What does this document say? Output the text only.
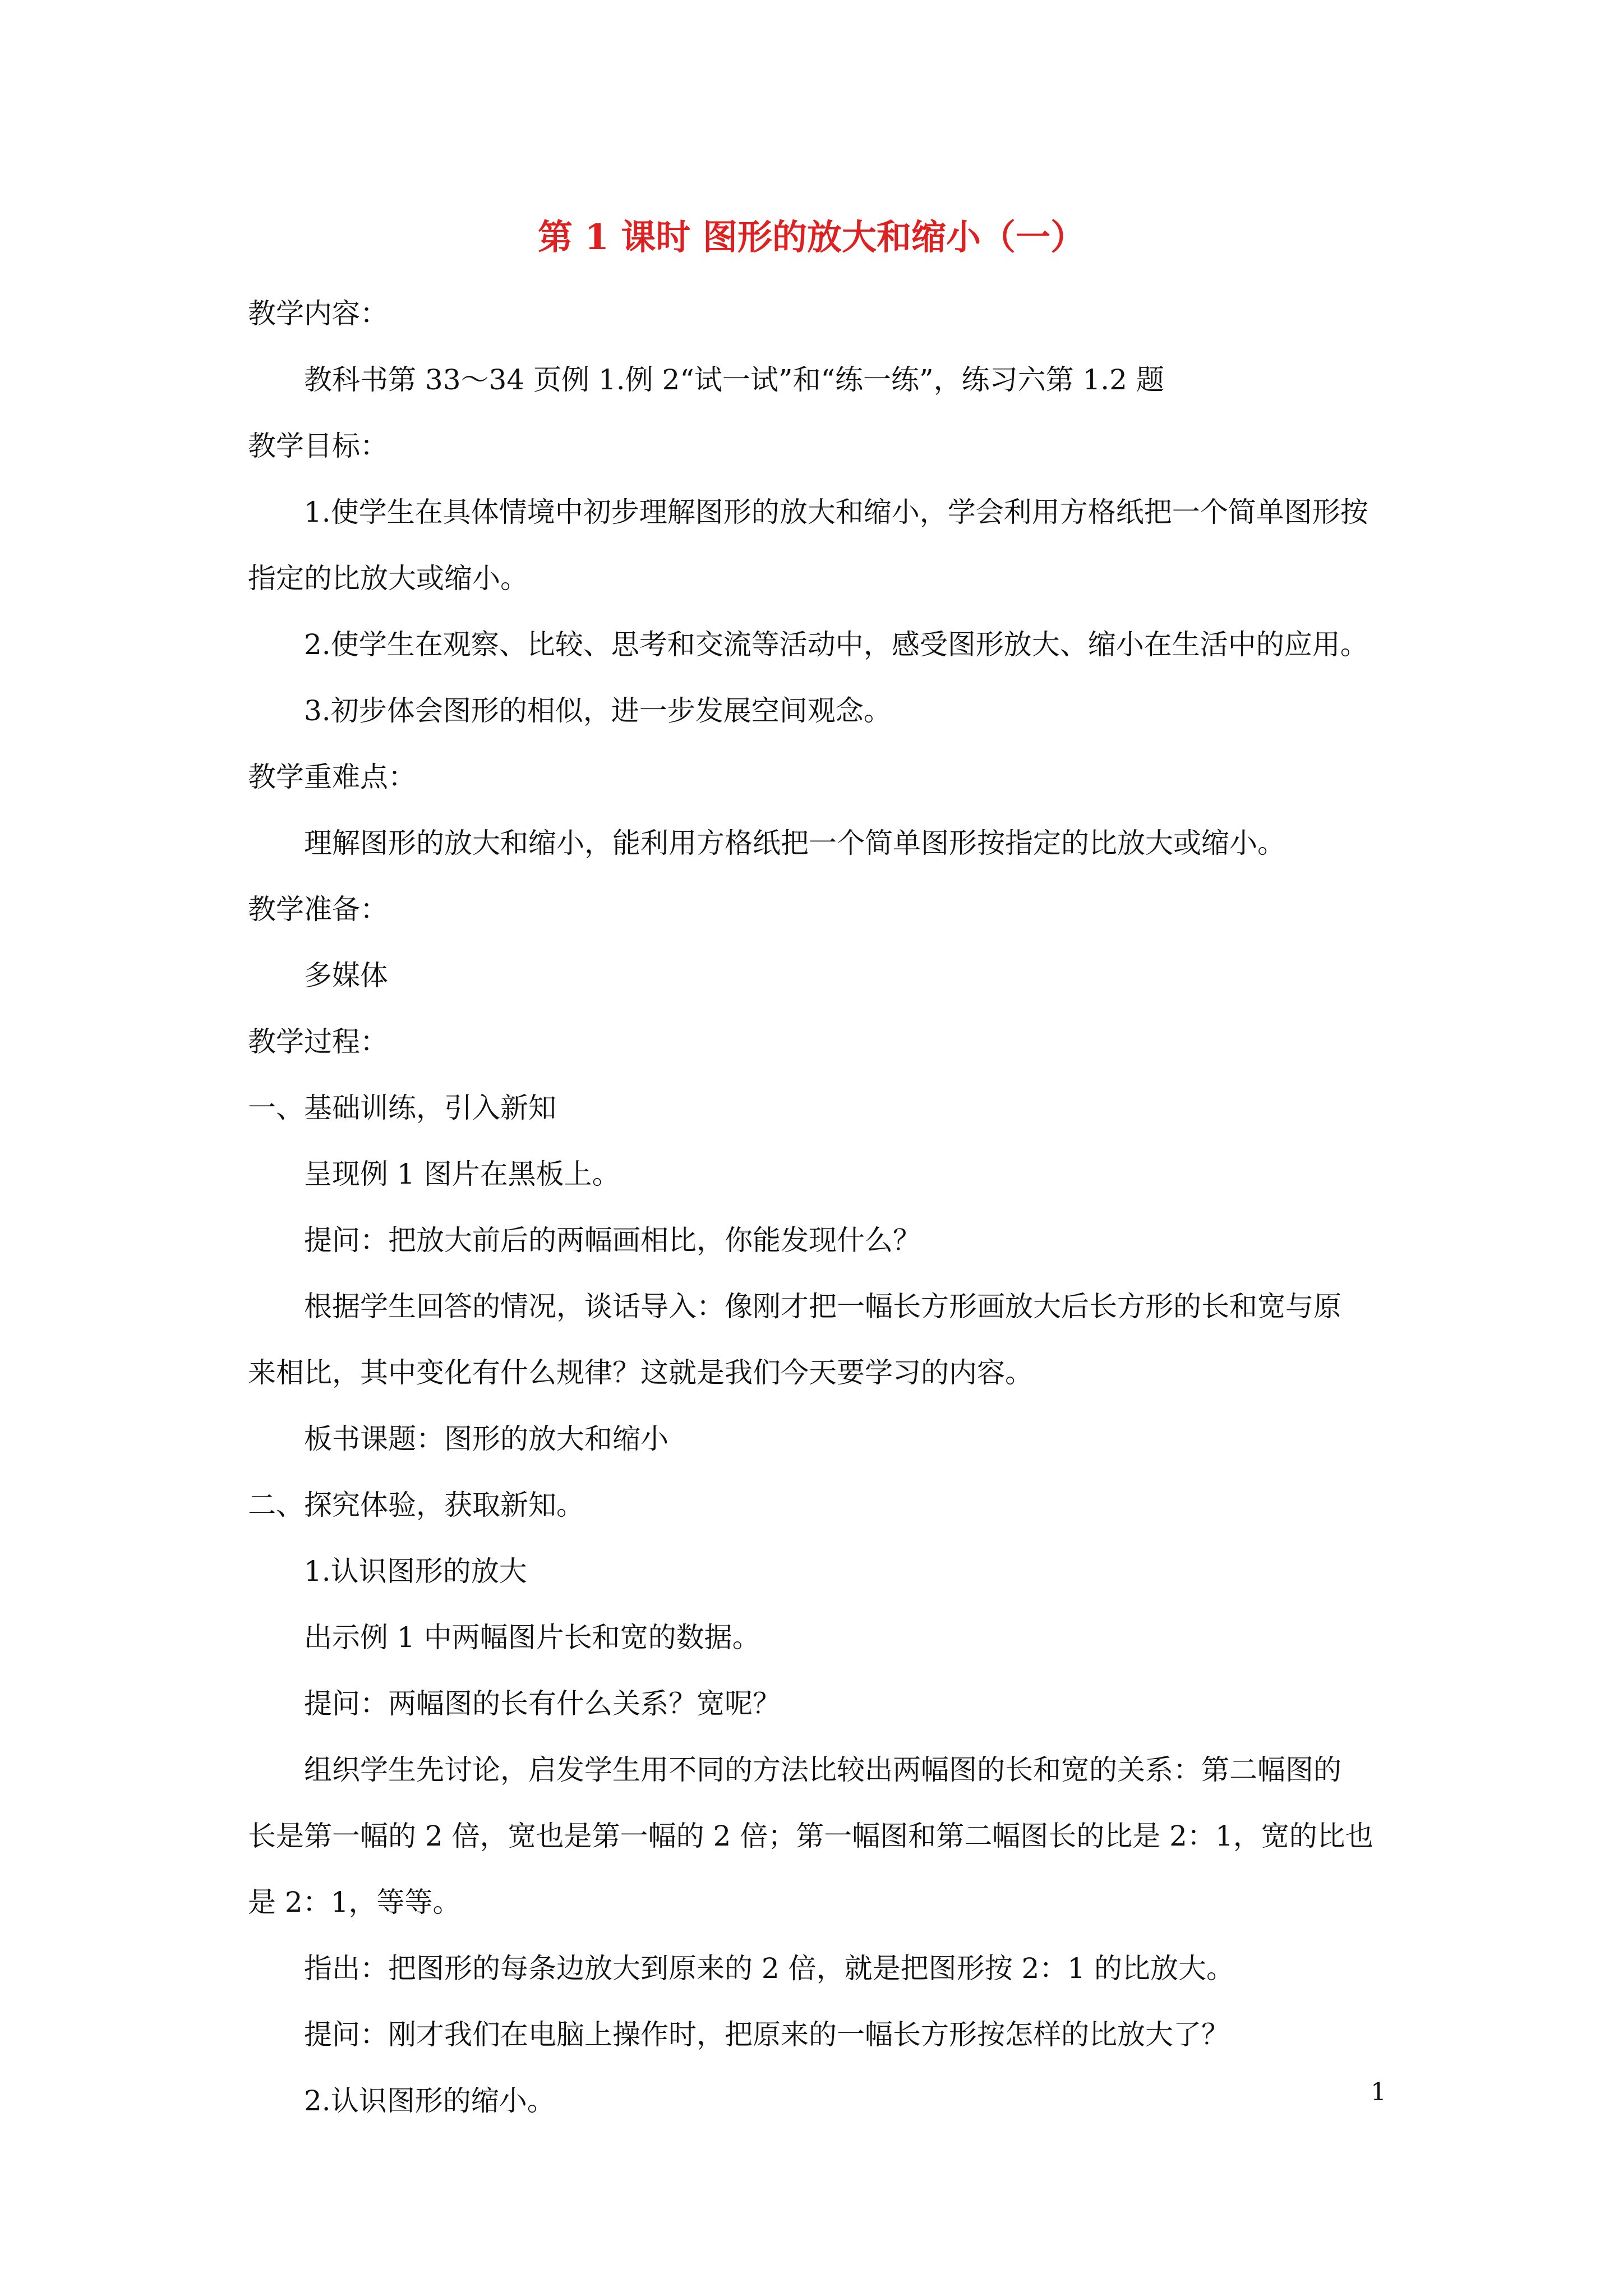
第 1 课时 图形的放大和缩小（一）
教学内容：
教科书第 33～34 页例 1.例 2“试一试”和“练一练”，练习六第 1.2 题
教学目标：
1.使学生在具体情境中初步理解图形的放大和缩小，学会利用方格纸把一个简单图形按
指定的比放大或缩小。
2.使学生在观察、比较、思考和交流等活动中，感受图形放大、缩小在生活中的应用。
3.初步体会图形的相似，进一步发展空间观念。
教学重难点：
理解图形的放大和缩小，能利用方格纸把一个简单图形按指定的比放大或缩小。
教学准备：
多媒体
教学过程：
一、基础训练，引入新知
呈现例 1 图片在黑板上。
提问：把放大前后的两幅画相比，你能发现什么？
根据学生回答的情况，谈话导入：像刚才把一幅长方形画放大后长方形的长和宽与原
来相比，其中变化有什么规律？这就是我们今天要学习的内容。
板书课题：图形的放大和缩小
二、探究体验，获取新知。
1.认识图形的放大
出示例 1 中两幅图片长和宽的数据。
提问：两幅图的长有什么关系？宽呢？
组织学生先讨论，启发学生用不同的方法比较出两幅图的长和宽的关系：第二幅图的
长是第一幅的 2 倍，宽也是第一幅的 2 倍；第一幅图和第二幅图长的比是 2：1，宽的比也
是 2：1，等等。
指出：把图形的每条边放大到原来的 2 倍，就是把图形按 2：1 的比放大。
提问：刚才我们在电脑上操作时，把原来的一幅长方形按怎样的比放大了？
2.认识图形的缩小。	1
